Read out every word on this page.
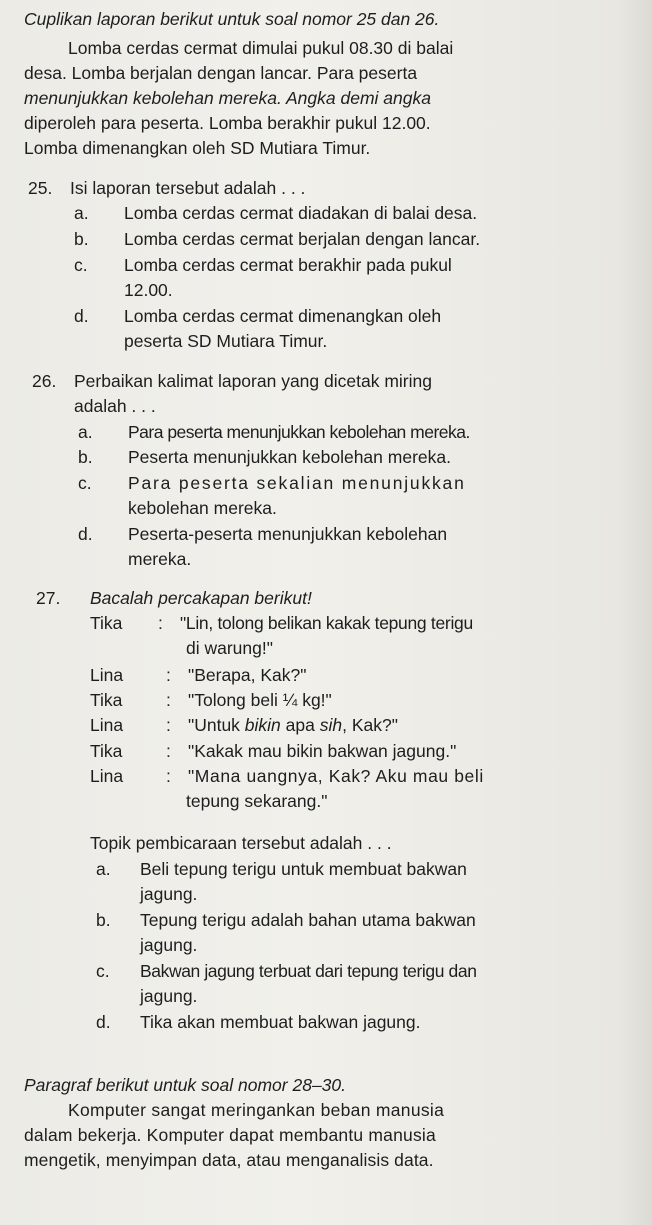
Cuplikan laporan berikut untuk soal nomor 25 dan 26.
Lomba cerdas cermat dimulai pukul 08.30 di balai
desa. Lomba berjalan dengan lancar. Para peserta
menunjukkan kebolehan mereka. Angka demi angka
diperoleh para peserta. Lomba berakhir pukul 12.00.
Lomba dimenangkan oleh SD Mutiara Timur.
25. Isi laporan tersebut adalah . . .
a. Lomba cerdas cermat diadakan di balai desa.
b. Lomba cerdas cermat berjalan dengan lancar.
c. Lomba cerdas cermat berakhir pada pukul
12.00.
d. Lomba cerdas cermat dimenangkan oleh
peserta SD Mutiara Timur.
26. Perbaikan kalimat laporan yang dicetak miring
adalah . . .
a. Para peserta menunjukkan kebolehan mereka.
b. Peserta menunjukkan kebolehan mereka.
c. Para peserta sekalian menunjukkan
kebolehan mereka.
d. Peserta-peserta menunjukkan kebolehan
mereka.
27. Bacalah percakapan berikut!
Tika : "Lin, tolong belikan kakak tepung terigu
di warung!"
Lina : "Berapa, Kak?"
Tika : "Tolong beli ¼ kg!"
Lina : "Untuk bikin apa sih, Kak?"
Tika : "Kakak mau bikin bakwan jagung."
Lina : "Mana uangnya, Kak? Aku mau beli
tepung sekarang."
Topik pembicaraan tersebut adalah . . .
a. Beli tepung terigu untuk membuat bakwan
jagung.
b. Tepung terigu adalah bahan utama bakwan
jagung.
c. Bakwan jagung terbuat dari tepung terigu dan
jagung.
d. Tika akan membuat bakwan jagung.
Paragraf berikut untuk soal nomor 28–30.
Komputer sangat meringankan beban manusia
dalam bekerja. Komputer dapat membantu manusia
mengetik, menyimpan data, atau menganalisis data.
